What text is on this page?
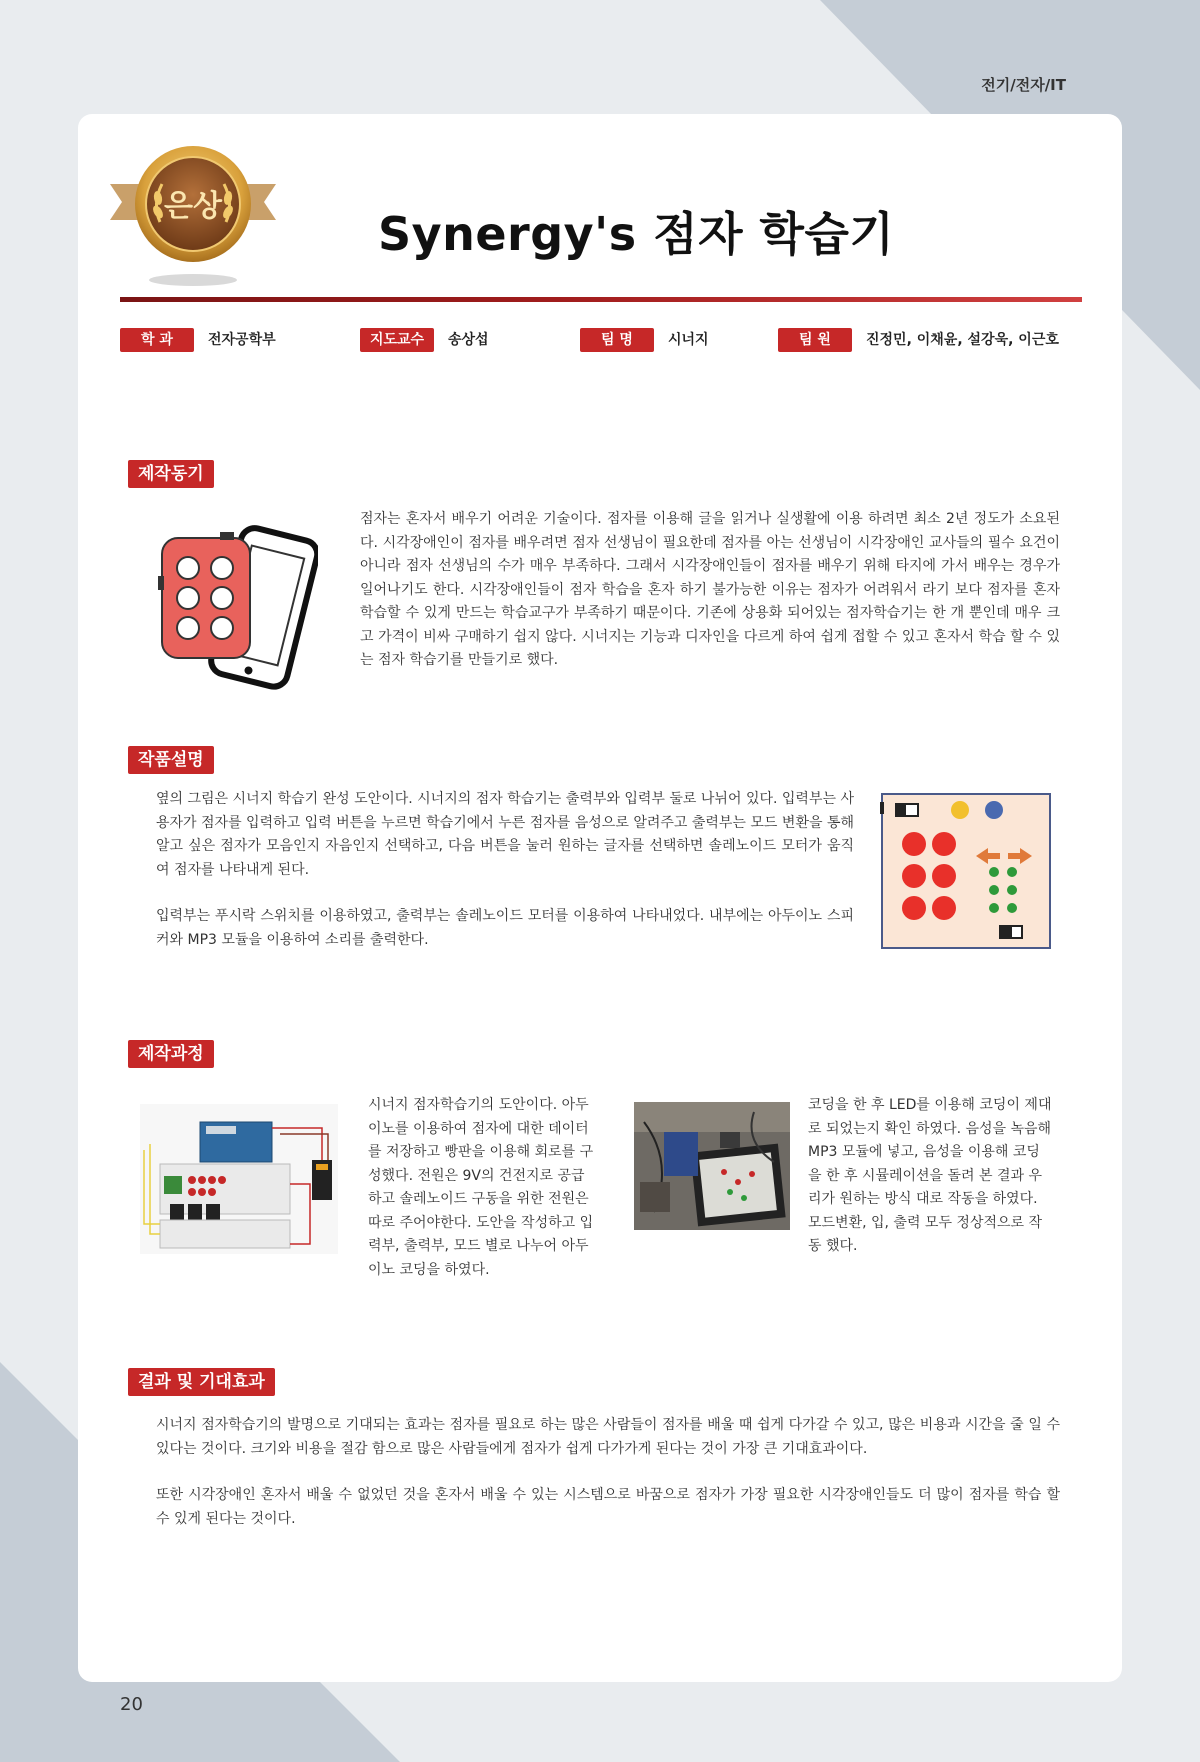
전기/전자/IT
은상
Synergy's 점자 학습기
학 과	전자공학부	지도교수	송상섭	팀 명	시너지	팀 원	진정민, 이채윤, 설강욱, 이근호
제작동기

점자는 혼자서 배우기 어려운 기술이다. 점자를 이용해 글을 읽거나 실생활에 이용 하려면 최소 2년 정도가 소요된다. 시각장애인이 점자를 배우려면 점자 선생님이 필요한데 점자를 아는 선생님이 시각장애인 교사들의 필수 요건이 아니라 점자 선생님의 수가 매우 부족하다. 그래서 시각장애인들이 점자를 배우기 위해 타지에 가서 배우는 경우가 일어나기도 한다. 시각장애인들이 점자 학습을 혼자 하기 불가능한 이유는 점자가 어려워서 라기 보다 점자를 혼자 학습할 수 있게 만드는 학습교구가 부족하기 때문이다. 기존에 상용화 되어있는 점자학습기는 한 개 뿐인데 매우 크고 가격이 비싸 구매하기 쉽지 않다. 시너지는 기능과 디자인을 다르게 하여 쉽게 접할 수 있고 혼자서 학습 할 수 있는 점자 학습기를 만들기로 했다.

작품설명

옆의 그림은 시너지 학습기 완성 도안이다. 시너지의 점자 학습기는 출력부와 입력부 둘로 나뉘어 있다. 입력부는 사용자가 점자를 입력하고 입력 버튼을 누르면 학습기에서 누른 점자를 음성으로 알려주고 출력부는 모드 변환을 통해 알고 싶은 점자가 모음인지 자음인지 선택하고, 다음 버튼을 눌러 원하는 글자를 선택하면 솔레노이드 모터가 움직여 점자를 나타내게 된다.

입력부는 푸시락 스위치를 이용하였고, 출력부는 솔레노이드 모터를 이용하여 나타내었다. 내부에는 아두이노 스피커와 MP3 모듈을 이용하여 소리를 출력한다.

제작과정

시너지 점자학습기의 도안이다. 아두이노를 이용하여 점자에 대한 데이터를 저장하고 빵판을 이용해 회로를 구성했다. 전원은 9V의 건전지로 공급하고 솔레노이드 구동을 위한 전원은 따로 주어야한다. 도안을 작성하고 입력부, 출력부, 모드 별로 나누어 아두이노 코딩을 하였다.

코딩을 한 후 LED를 이용해 코딩이 제대로 되었는지 확인 하였다. 음성을 녹음해 MP3 모듈에 넣고, 음성을 이용해 코딩을 한 후 시뮬레이션을 돌려 본 결과 우리가 원하는 방식 대로 작동을 하였다. 모드변환, 입, 출력 모두 정상적으로 작동 했다.

결과 및 기대효과

시너지 점자학습기의 발명으로 기대되는 효과는 점자를 필요로 하는 많은 사람들이 점자를 배울 때 쉽게 다가갈 수 있고, 많은 비용과 시간을 줄 일 수 있다는 것이다. 크기와 비용을 절감 함으로 많은 사람들에게 점자가 쉽게 다가가게 된다는 것이 가장 큰 기대효과이다.

또한 시각장애인 혼자서 배울 수 없었던 것을 혼자서 배울 수 있는 시스템으로 바꿈으로 점자가 가장 필요한 시각장애인들도 더 많이 점자를 학습 할 수 있게 된다는 것이다.

20
